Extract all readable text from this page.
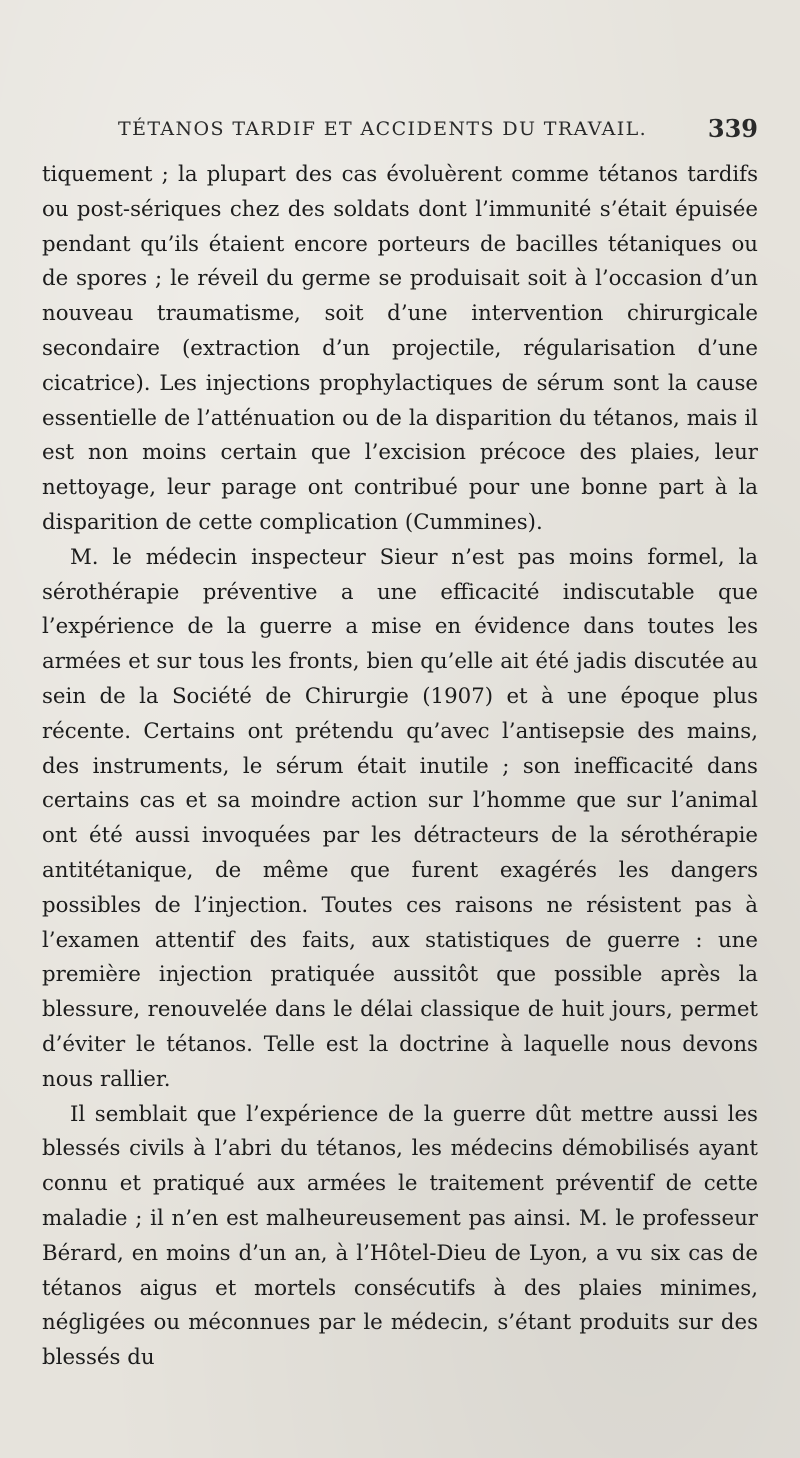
TÉTANOS TARDIF ET ACCIDENTS DU TRAVAIL.	339

tiquement ; la plupart des cas évoluèrent comme tétanos tardifs ou post-sériques chez des soldats dont l’immunité s’était épuisée pendant qu’ils étaient encore porteurs de bacilles tétaniques ou de spores ; le réveil du germe se produisait soit à l’occasion d’un nouveau traumatisme, soit d’une intervention chirurgicale secondaire (extraction d’un projectile, régularisation d’une cicatrice). Les injections prophylactiques de sérum sont la cause essentielle de l’atténuation ou de la disparition du tétanos, mais il est non moins certain que l’excision précoce des plaies, leur nettoyage, leur parage ont contribué pour une bonne part à la disparition de cette complication (Cummines).

M. le médecin inspecteur Sieur n’est pas moins formel, la sérothérapie préventive a une efficacité indiscutable que l’expérience de la guerre a mise en évidence dans toutes les armées et sur tous les fronts, bien qu’elle ait été jadis discutée au sein de la Société de Chirurgie (1907) et à une époque plus récente. Certains ont prétendu qu’avec l’antisepsie des mains, des instruments, le sérum était inutile ; son inefficacité dans certains cas et sa moindre action sur l’homme que sur l’animal ont été aussi invoquées par les détracteurs de la sérothérapie antitétanique, de même que furent exagérés les dangers possibles de l’injection. Toutes ces raisons ne résistent pas à l’examen attentif des faits, aux statistiques de guerre : une première injection pratiquée aussitôt que possible après la blessure, renouvelée dans le délai classique de huit jours, permet d’éviter le tétanos. Telle est la doctrine à laquelle nous devons nous rallier.

Il semblait que l’expérience de la guerre dût mettre aussi les blessés civils à l’abri du tétanos, les médecins démobilisés ayant connu et pratiqué aux armées le traitement préventif de cette maladie ; il n’en est malheureusement pas ainsi. M. le professeur Bérard, en moins d’un an, à l’Hôtel-Dieu de Lyon, a vu six cas de tétanos aigus et mortels consécutifs à des plaies minimes, négligées ou méconnues par le médecin, s’étant produits sur des blessés du
